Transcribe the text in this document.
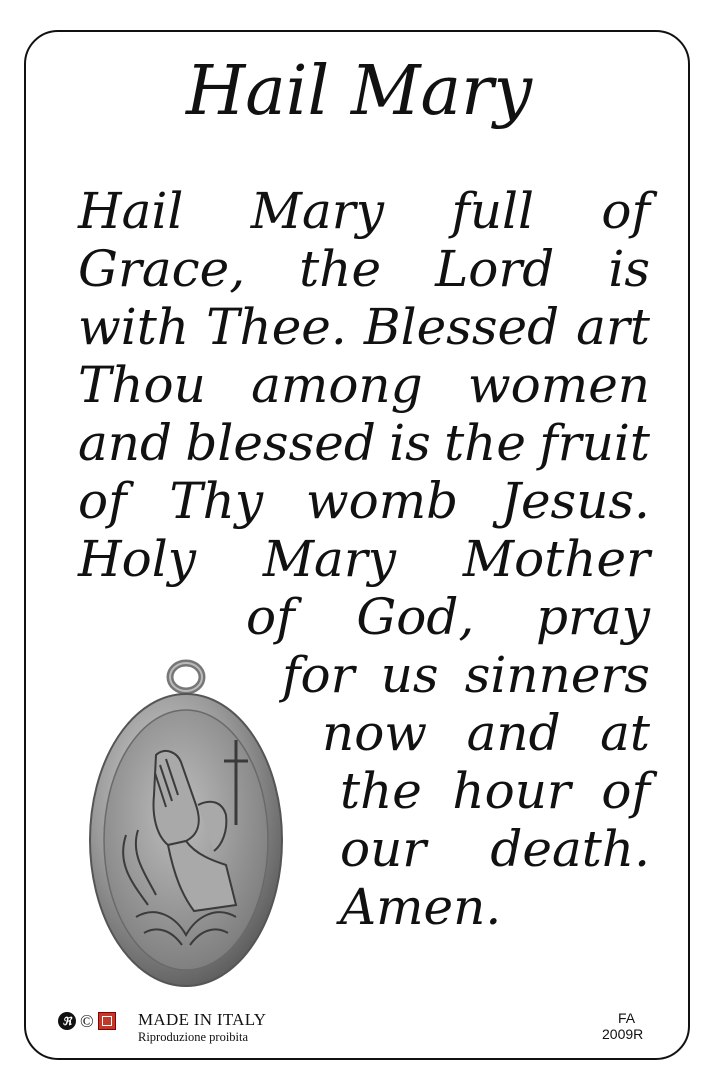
Hail Mary
Hail Mary full of
Grace, the Lord is
with Thee. Blessed art
Thou among women
and blessed is the fruit
of Thy womb Jesus.
Holy Mary Mother
of God, pray
for us sinners
now and at
the hour of
our death.
Amen.
ℜ ©	MADE IN ITALY
Riproduzione proibita
FA
2009R
